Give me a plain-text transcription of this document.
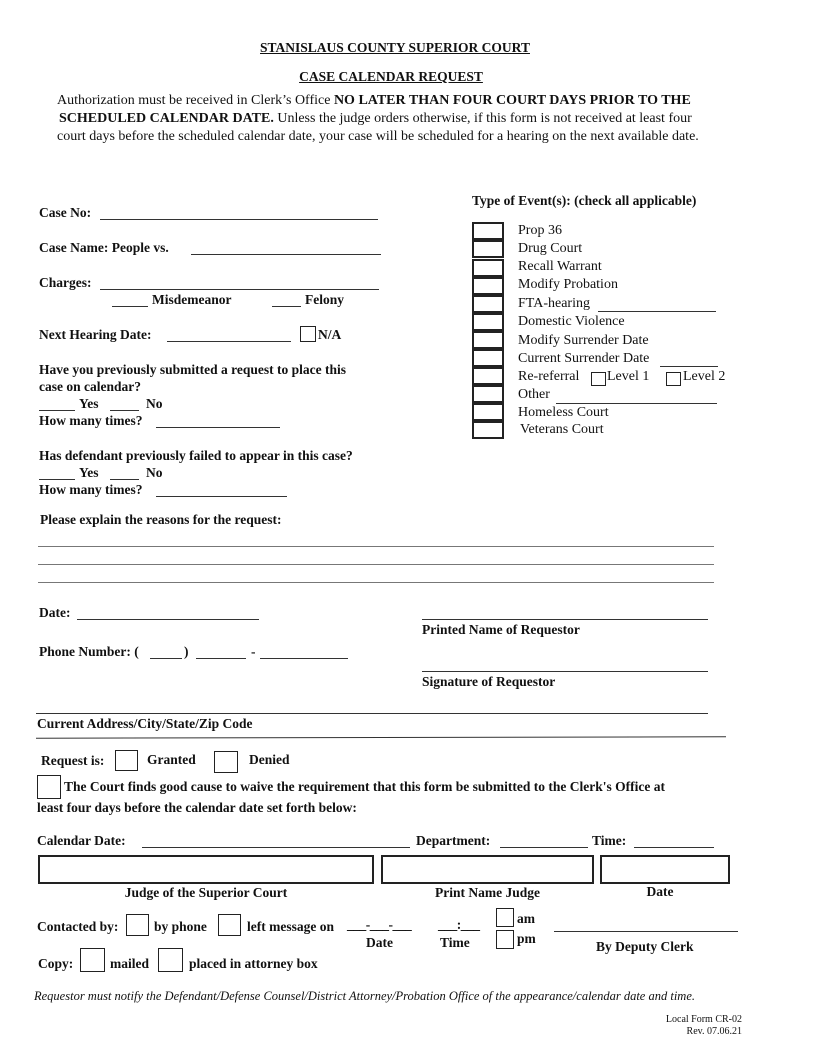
STANISLAUS COUNTY SUPERIOR COURT
CASE CALENDAR REQUEST
Authorization must be received in Clerk’s Office NO LATER THAN FOUR COURT DAYS PRIOR TO THE
SCHEDULED CALENDAR DATE. Unless the judge orders otherwise, if this form is not received at least four
court days before the scheduled calendar date, your case will be scheduled for a hearing on the next available date.
Case No:
Case Name: People vs.
Charges:
Misdemeanor	Felony
Next Hearing Date:	N/A
Have you previously submitted a request to place this
case on calendar?
Yes	No
How many times?
Has defendant previously failed to appear in this case?
Yes	No
How many times?
Please explain the reasons for the request:
Type of Event(s): (check all applicable)
Prop 36
Drug Court
Recall Warrant
Modify Probation
FTA-hearing
Domestic Violence
Modify Surrender Date
Current Surrender Date
Re-referral Level 1 Level 2
Other
Homeless Court
Veterans Court
Date:
Printed Name of Requestor
Phone Number: (	)	-
Signature of Requestor
Current Address/City/State/Zip Code
Request is:	Granted	Denied
The Court finds good cause to waive the requirement that this form be submitted to the Clerk's Office at
least four days before the calendar date set forth below:
Calendar Date:	Department:	Time:
Judge of the Superior Court	Print Name Judge	Date
Contacted by:	by phone	left message on ___-___-___
Date
___:___
Time
am
pm
By Deputy Clerk
Copy:	mailed	placed in attorney box
Requestor must notify the Defendant/Defense Counsel/District Attorney/Probation Office of the appearance/calendar date and time.
Local Form CR-02
Rev. 07.06.21
